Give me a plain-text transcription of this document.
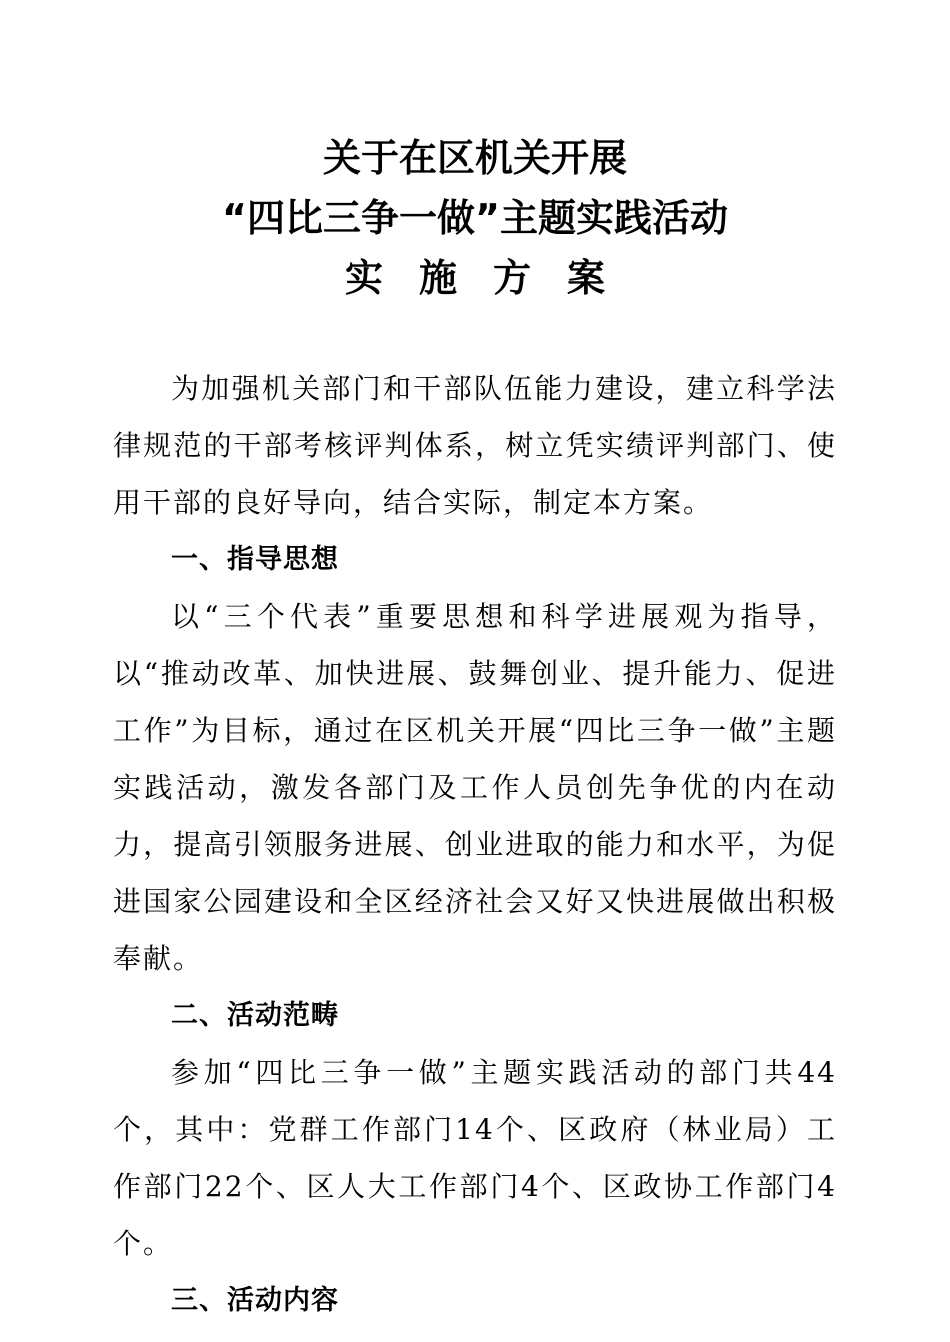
关于在区机关开展
“四比三争一做”主题实践活动
实施方案

为加强机关部门和干部队伍能力建设，建立科学法律规范的干部考核评判体系，树立凭实绩评判部门、使用干部的良好导向，结合实际，制定本方案。

一、指导思想

以“三个代表”重要思想和科学进展观为指导，以“推动改革、加快进展、鼓舞创业、提升能力、促进工作”为目标，通过在区机关开展“四比三争一做”主题实践活动，激发各部门及工作人员创先争优的内在动力，提高引领服务进展、创业进取的能力和水平，为促进国家公园建设和全区经济社会又好又快进展做出积极奉献。

二、活动范畴

参加“四比三争一做”主题实践活动的部门共44个，其中：党群工作部门14个、区政府（林业局）工作部门22个、区人大工作部门4个、区政协工作部门4个。

三、活动内容
